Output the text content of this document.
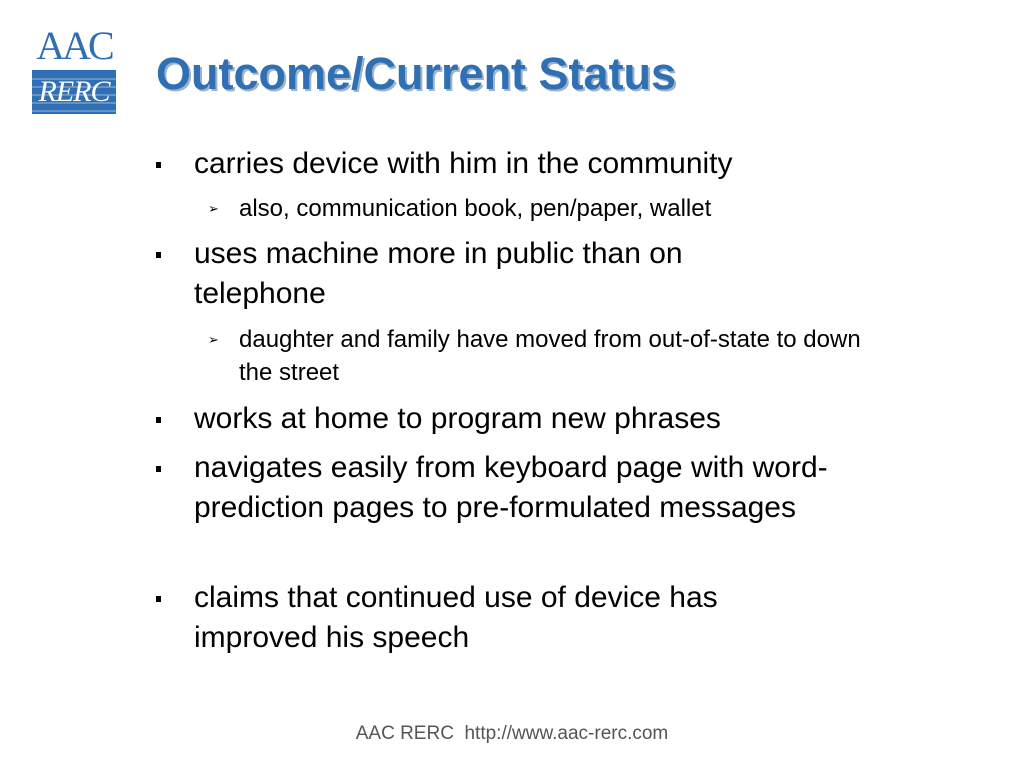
AAC
RERC Outcome/Current Status
carries device with him in the community
➢ also, communication book, pen/paper, wallet
uses machine more in public than on telephone
➢ daughter and family have moved from out-of-state to down the street
works at home to program new phrases
navigates easily from keyboard page with word-prediction pages to pre-formulated messages
claims that continued use of device has improved his speech
AAC RERC http://www.aac-rerc.com
